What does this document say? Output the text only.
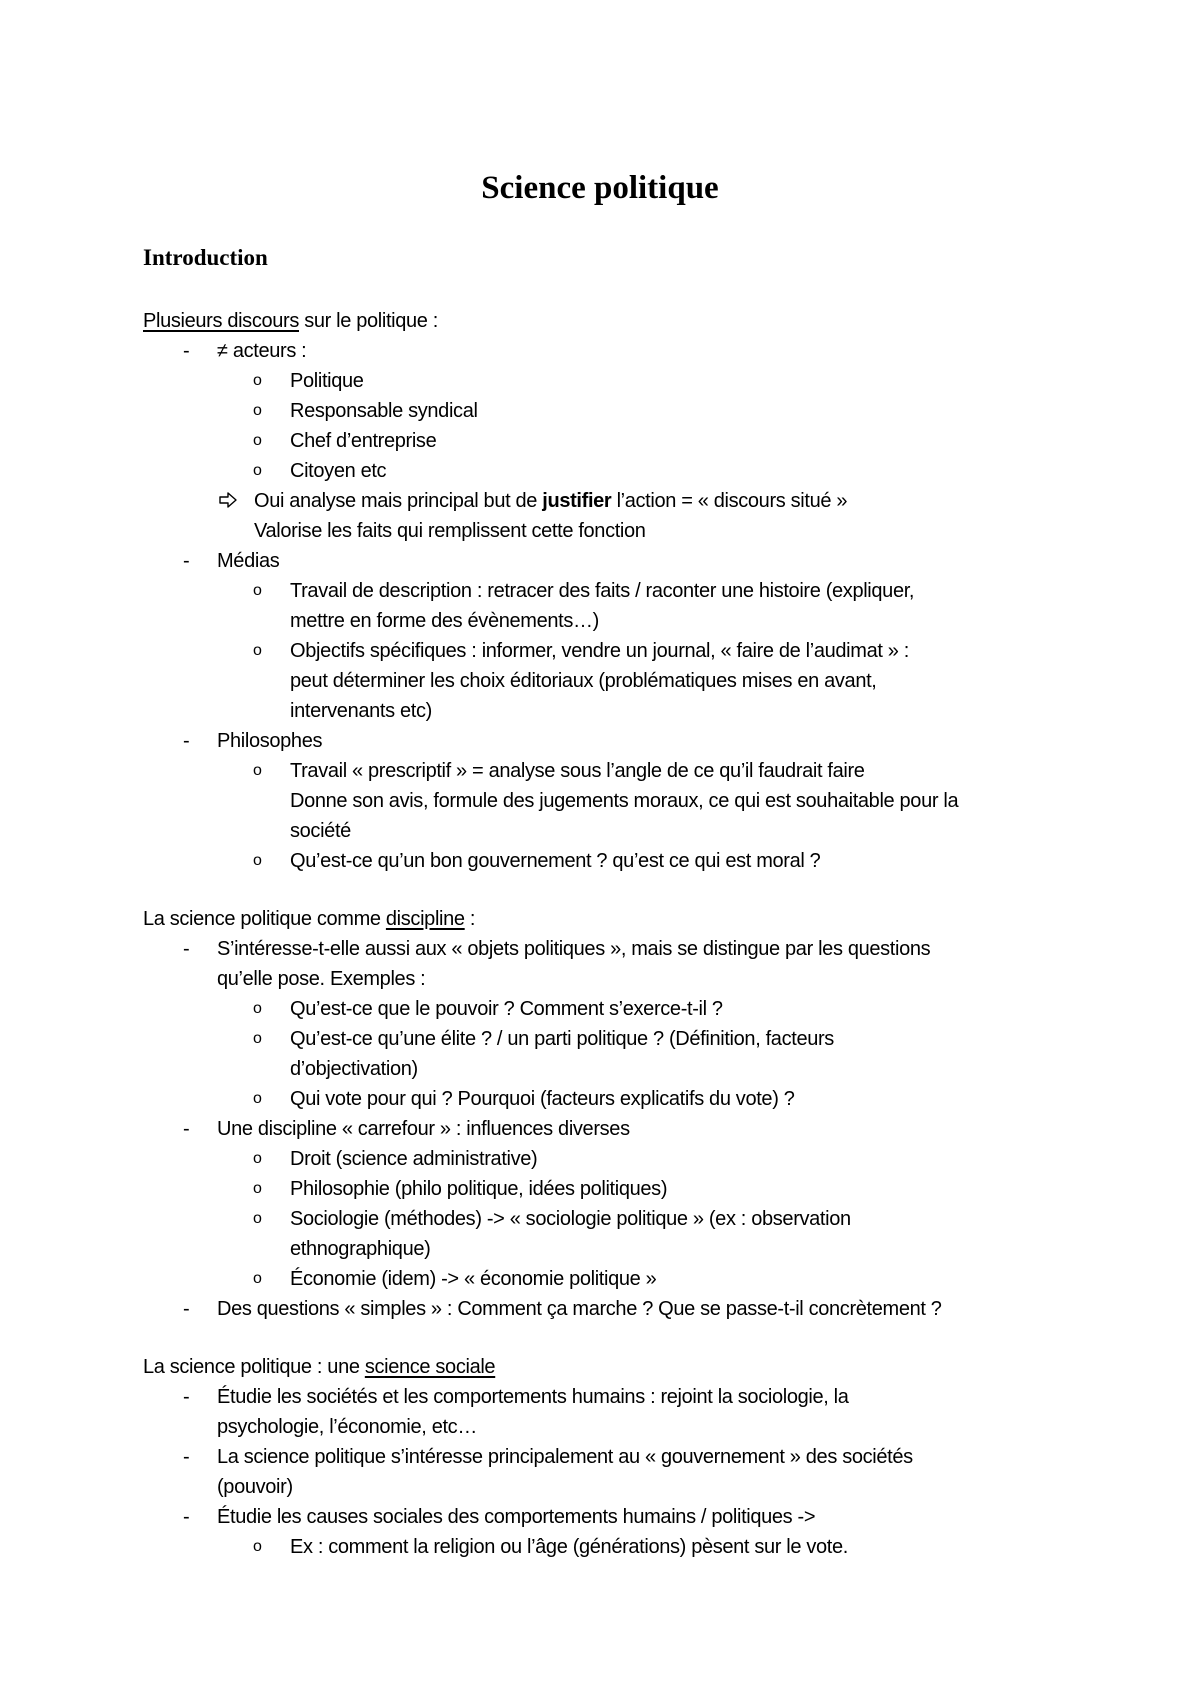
Science politique
Introduction
Plusieurs discours sur le politique :
- ≠ acteurs :
o Politique
o Responsable syndical
o Chef d’entreprise
o Citoyen etc
Oui analyse mais principal but de justifier l’action = « discours situé »
Valorise les faits qui remplissent cette fonction
- Médias
o Travail de description : retracer des faits / raconter une histoire (expliquer,
mettre en forme des évènements…)
o Objectifs spécifiques : informer, vendre un journal, « faire de l’audimat » :
peut déterminer les choix éditoriaux (problématiques mises en avant,
intervenants etc)
- Philosophes
o Travail « prescriptif » = analyse sous l’angle de ce qu’il faudrait faire
Donne son avis, formule des jugements moraux, ce qui est souhaitable pour la
société
o Qu’est-ce qu’un bon gouvernement ? qu’est ce qui est moral ?
La science politique comme discipline :
- S’intéresse-t-elle aussi aux « objets politiques », mais se distingue par les questions
qu’elle pose. Exemples :
o Qu’est-ce que le pouvoir ? Comment s’exerce-t-il ?
o Qu’est-ce qu’une élite ? / un parti politique ? (Définition, facteurs
d’objectivation)
o Qui vote pour qui ? Pourquoi (facteurs explicatifs du vote) ?
- Une discipline « carrefour » : influences diverses
o Droit (science administrative)
o Philosophie (philo politique, idées politiques)
o Sociologie (méthodes) -> « sociologie politique » (ex : observation
ethnographique)
o Économie (idem) -> « économie politique »
- Des questions « simples » : Comment ça marche ? Que se passe-t-il concrètement ?
La science politique : une science sociale
- Étudie les sociétés et les comportements humains : rejoint la sociologie, la
psychologie, l’économie, etc…
- La science politique s’intéresse principalement au « gouvernement » des sociétés
(pouvoir)
- Étudie les causes sociales des comportements humains / politiques ->
o Ex : comment la religion ou l’âge (générations) pèsent sur le vote.
